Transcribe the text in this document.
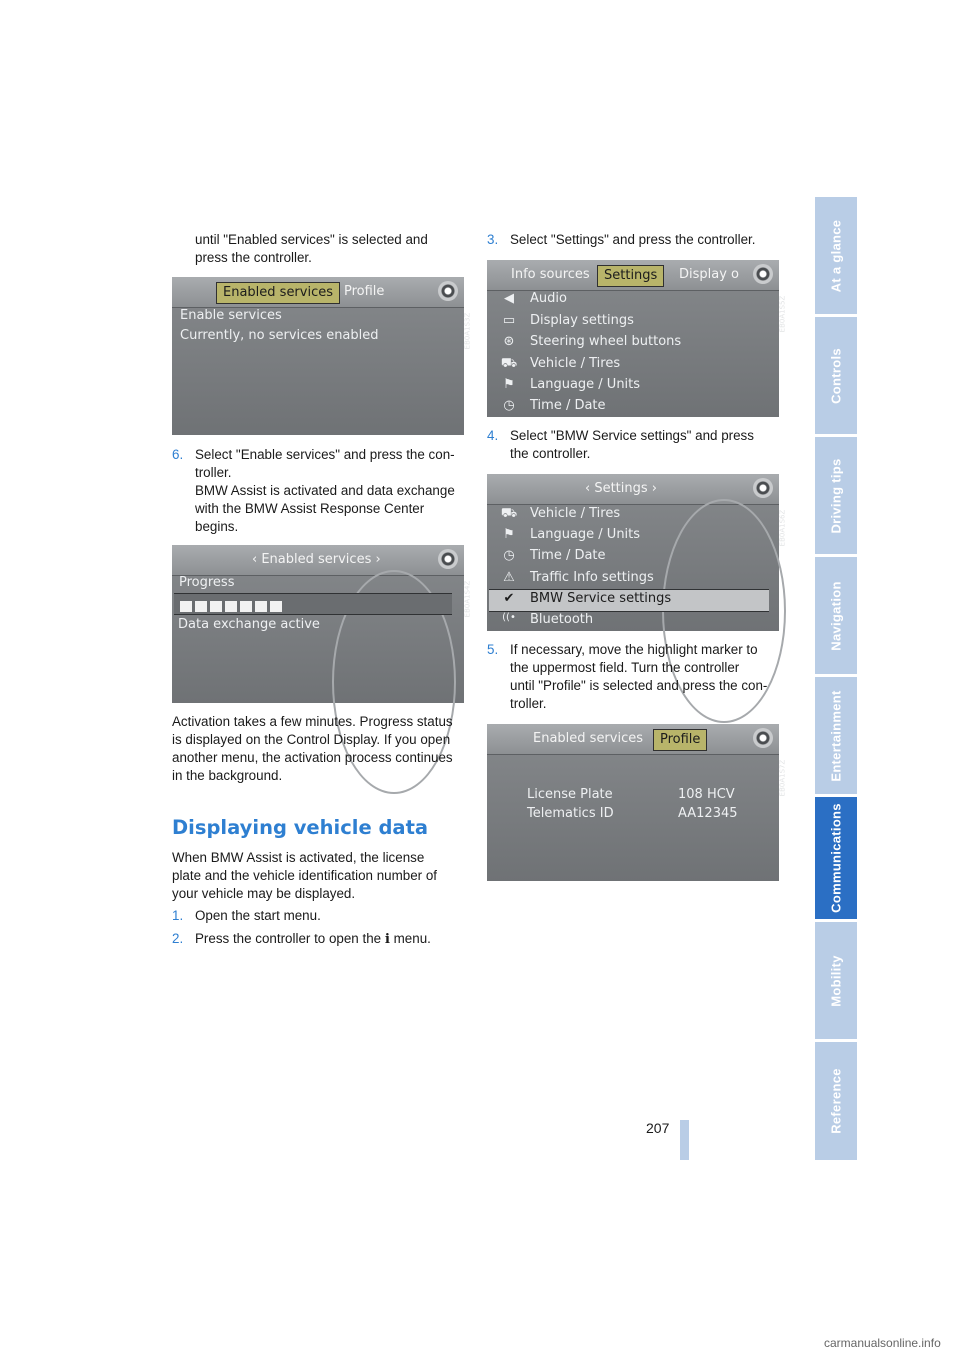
At a glance
Controls
Driving tips
Navigation
Entertainment
Communications
Mobility
Reference
until "Enabled services" is selected and
press the controller.
Enabled services Profile
Enable services
Currently, no services enabled	EB0A1S3Z
6. Select "Enable services" and press the con-
troller.
BMW Assist is activated and data exchange
with the BMW Assist Response Center
begins.
‹ Enabled services ›
Progress
Data exchange active
EB0A1S4Z
Activation takes a few minutes. Progress status
is displayed on the Control Display. If you open
another menu, the activation process continues
in the background.
Displaying vehicle data
When BMW Assist is activated, the license
plate and the vehicle identification number of
your vehicle may be displayed.
1. Open the start menu.
2. Press the controller to open the i menu.
3. Select "Settings" and press the controller.
Info sources	Settings	Display o
◀	Audio
▭	Display settings
⊛	Steering wheel buttons
⛟ Vehicle / Tires
⚑	Language / Units
◷	Time / Date
EB0A1S5Z
4. Select "BMW Service settings" and press
the controller.
‹ Settings ›
⛟ Vehicle / Tires
⚑	Language / Units
◷	Time / Date
⚠	Traffic Info settings
✔	BMW Service settings
((•	Bluetooth
EB0A1S6Z
5. If necessary, move the highlight marker to
the uppermost field. Turn the controller
until "Profile" is selected and press the con-
troller.
Enabled services	Profile
License Plate	108 HCV
Telematics ID	AA12345
EB0A1S7Z
207
carmanualsonline.info
